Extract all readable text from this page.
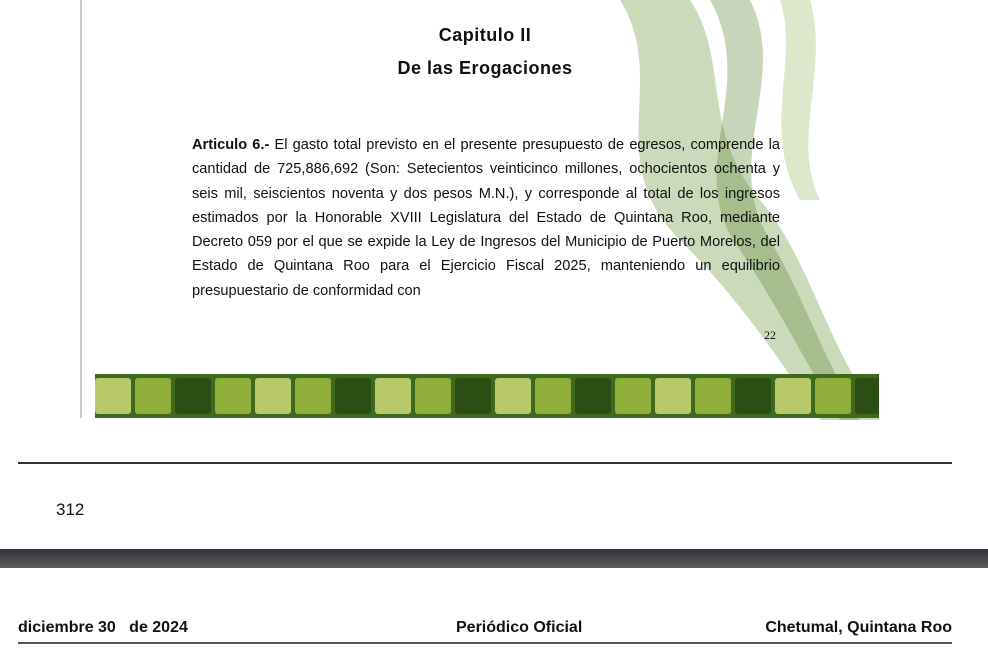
Capitulo II
De las Erogaciones
Articulo 6.- El gasto total previsto en el presente presupuesto de egresos, comprende la cantidad de 725,886,692 (Son: Setecientos veinticinco millones, ochocientos ochenta y seis mil, seiscientos noventa y dos pesos M.N.), y corresponde al total de los ingresos estimados por la Honorable XVIII Legislatura del Estado de Quintana Roo, mediante Decreto 059 por el que se expide la Ley de Ingresos del Municipio de Puerto Morelos, del Estado de Quintana Roo para el Ejercicio Fiscal 2025, manteniendo un equilibrio presupuestario de conformidad con
22
312
diciembre 30   de 2024	Periódico Oficial	Chetumal, Quintana Roo
